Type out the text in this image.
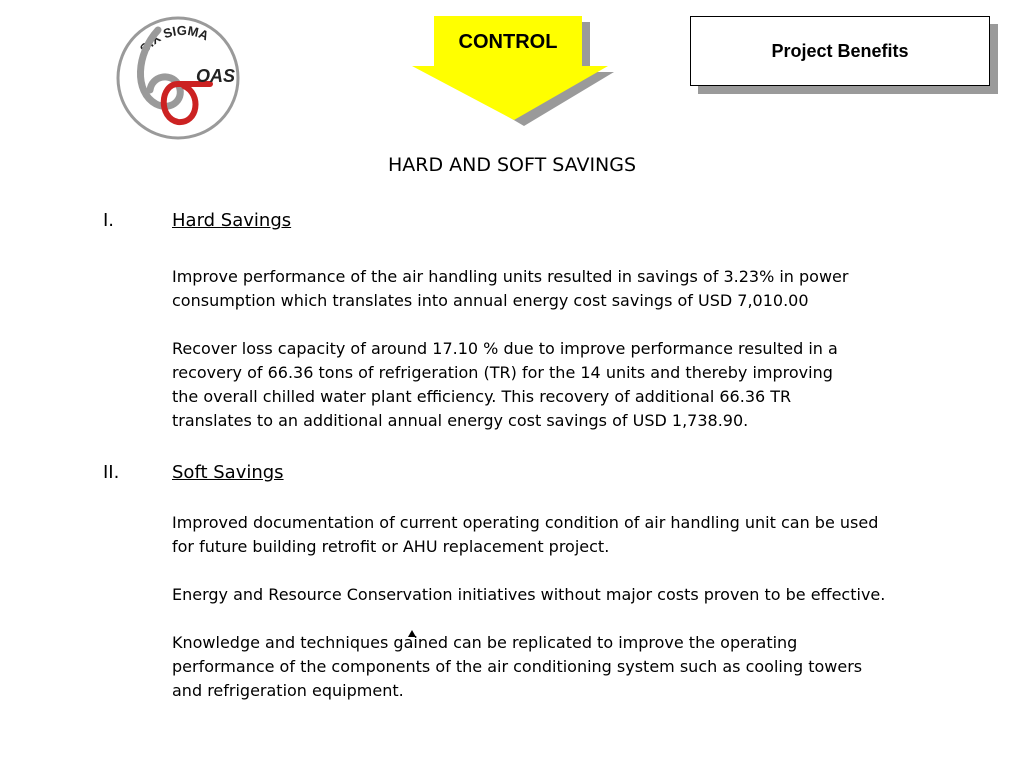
SIX SIGMA
OAS
CONTROL	Project Benefits
HARD AND SOFT SAVINGS
I.	Hard Savings
Improve performance of the air handling units resulted in savings of 3.23% in power
consumption which translates into annual energy cost savings of USD 7,010.00
Recover loss capacity of around 17.10 % due to improve performance resulted in a
recovery of 66.36 tons of refrigeration (TR) for the 14 units and thereby improving
the overall chilled water plant efficiency. This recovery of additional 66.36 TR
translates to an additional annual energy cost savings of USD 1,738.90.
II.	Soft Savings
Improved documentation of current operating condition of air handling unit can be used
for future building retrofit or AHU replacement project.
Energy and Resource Conservation initiatives without major costs proven to be effective.
Knowledge and techniques gained can be replicated to improve the operating
performance of the components of the air conditioning system such as cooling towers
and refrigeration equipment.
